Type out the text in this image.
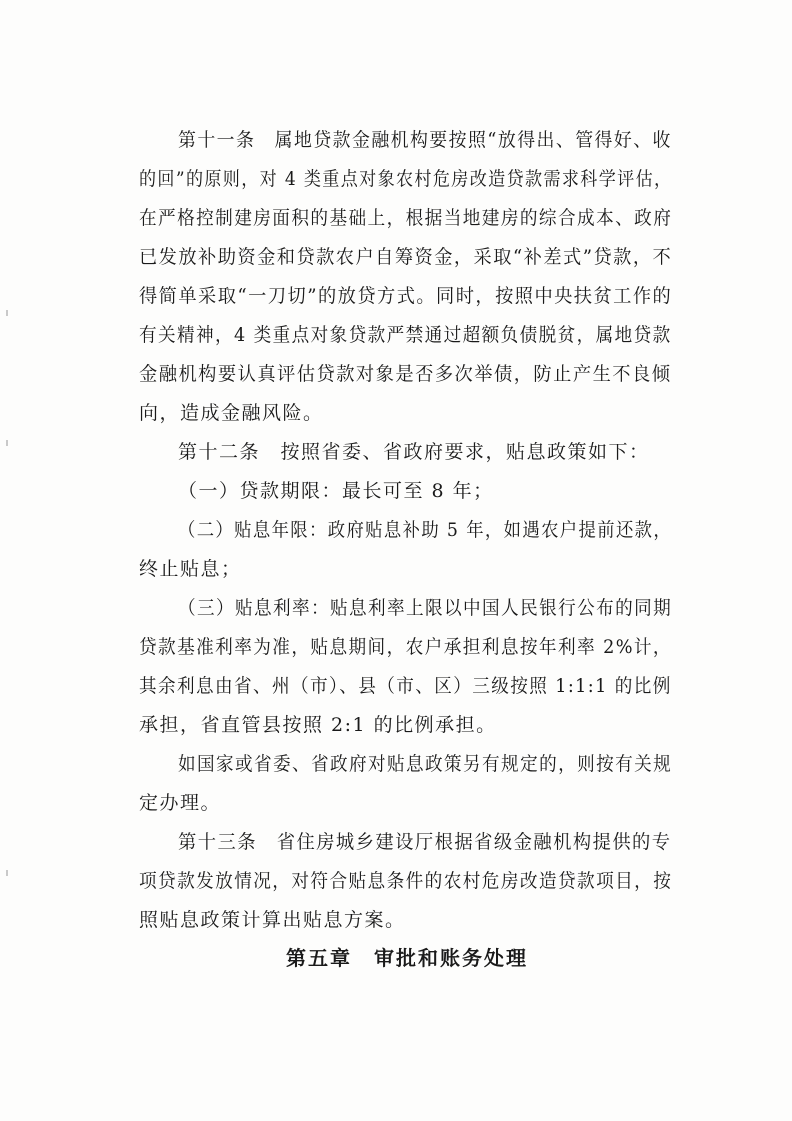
第十一条　属地贷款金融机构要按照“放得出、管得好、收
的回”的原则，对 4 类重点对象农村危房改造贷款需求科学评估，
在严格控制建房面积的基础上，根据当地建房的综合成本、政府
已发放补助资金和贷款农户自筹资金，采取“补差式”贷款，不
得简单采取“一刀切”的放贷方式。同时，按照中央扶贫工作的
有关精神，4 类重点对象贷款严禁通过超额负债脱贫，属地贷款
金融机构要认真评估贷款对象是否多次举债，防止产生不良倾
向，造成金融风险。
第十二条　按照省委、省政府要求，贴息政策如下：
（一）贷款期限：最长可至 8 年；
（二）贴息年限：政府贴息补助 5 年，如遇农户提前还款，
终止贴息；
（三）贴息利率：贴息利率上限以中国人民银行公布的同期
贷款基准利率为准，贴息期间，农户承担利息按年利率 2%计，
其余利息由省、州（市）、县（市、区）三级按照 1:1:1 的比例
承担，省直管县按照 2:1 的比例承担。
如国家或省委、省政府对贴息政策另有规定的，则按有关规
定办理。
第十三条　省住房城乡建设厅根据省级金融机构提供的专
项贷款发放情况，对符合贴息条件的农村危房改造贷款项目，按
照贴息政策计算出贴息方案。
第五章　审批和账务处理
